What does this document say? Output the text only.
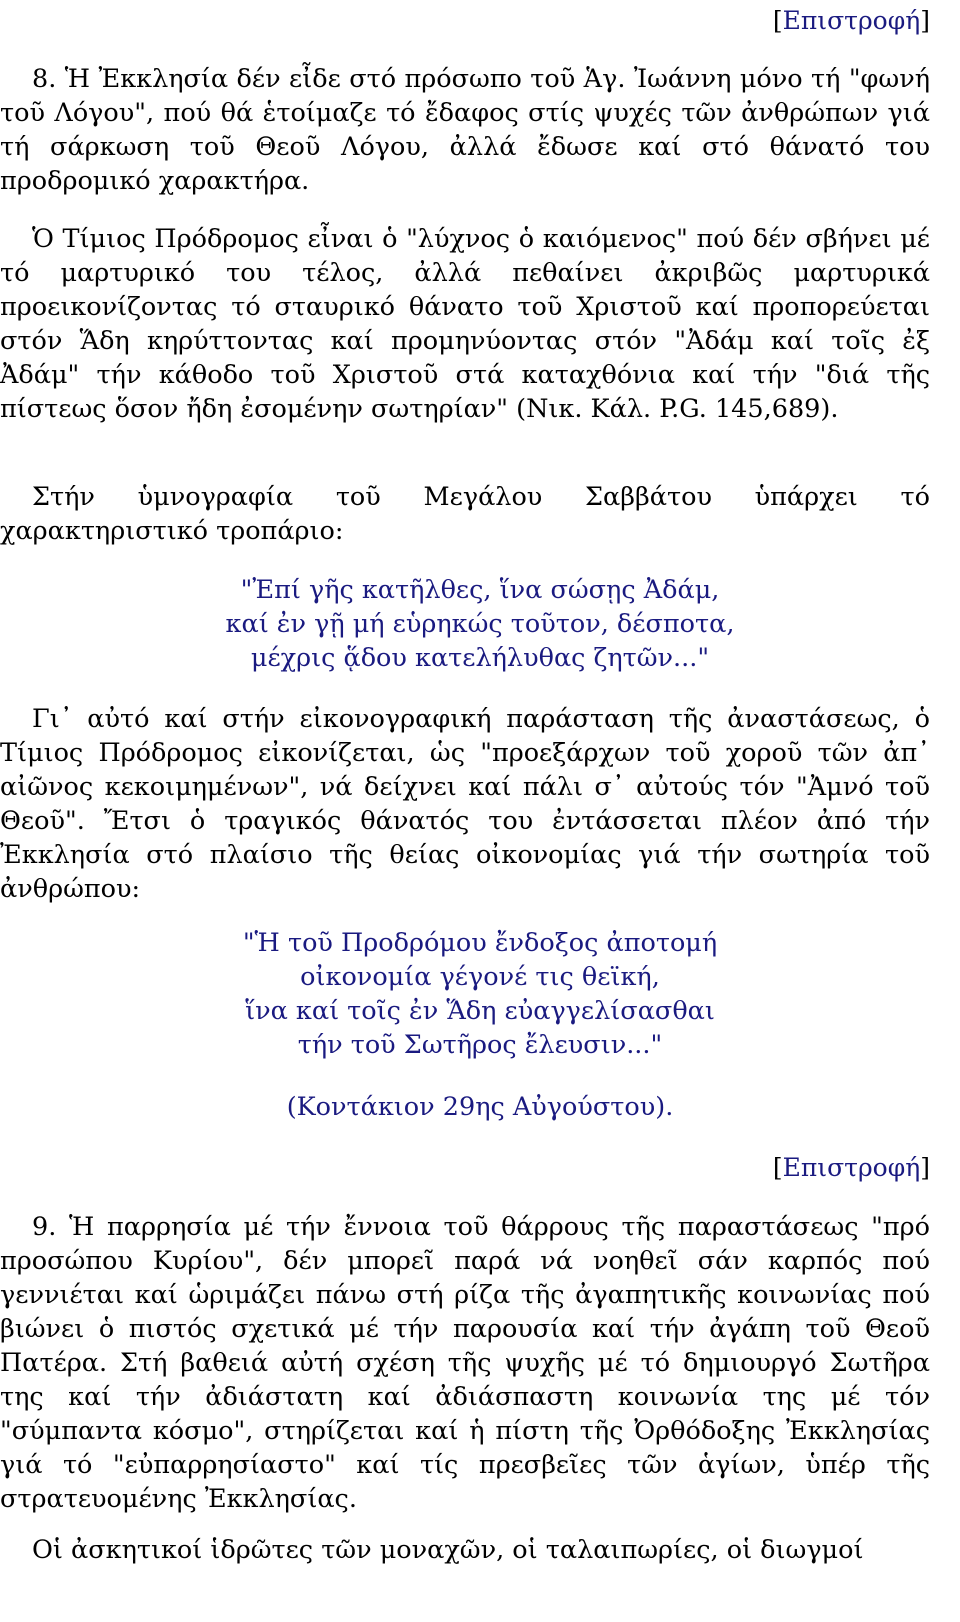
[Επιστροφή]

8. Ἡ Ἐκκλησία δέν εἶδε στό πρόσωπο τοῦ Ἁγ. Ἰωάννη μόνο τή "φωνή τοῦ Λόγου", πού θά ἑτοίμαζε τό ἔδαφος στίς ψυχές τῶν ἀνθρώπων γιά τή σάρκωση τοῦ Θεοῦ Λόγου, ἀλλά ἔδωσε καί στό θάνατό του προδρομικό χαρακτήρα.

Ὁ Τίμιος Πρόδρομος εἶναι ὁ "λύχνος ὁ καιόμενος" πού δέν σβήνει μέ τό μαρτυρικό του τέλος, ἀλλά πεθαίνει ἀκριβῶς μαρτυρικά προεικονίζοντας τό σταυρικό θάνατο τοῦ Χριστοῦ καί προπορεύεται στόν Ἅδη κηρύττοντας καί προμηνύοντας στόν "Ἀδάμ καί τοῖς ἐξ Ἀδάμ" τήν κάθοδο τοῦ Χριστοῦ στά καταχθόνια καί τήν "διά τῆς πίστεως ὅσον ἤδη ἐσομένην σωτηρίαν" (Νικ. Κάλ. P.G. 145,689).

Στήν ὑμνογραφία τοῦ Μεγάλου Σαββάτου ὑπάρχει τό χαρακτηριστικό τροπάριο:

"Ἐπί γῆς κατῆλθες, ἵνα σώσῃς Ἀδάμ,
καί ἐν γῇ μή εὑρηκώς τοῦτον, δέσποτα,
μέχρις ᾅδου κατελήλυθας ζητῶν..."

Γι᾽ αὐτό καί στήν εἰκονογραφική παράσταση τῆς ἀναστάσεως, ὁ Τίμιος Πρόδρομος εἰκονίζεται, ὡς "προεξάρχων τοῦ χοροῦ τῶν ἀπ᾽ αἰῶνος κεκοιμημένων", νά δείχνει καί πάλι σ᾽ αὐτούς τόν "Ἀμνό τοῦ Θεοῦ". Ἔτσι ὁ τραγικός θάνατός του ἐντάσσεται πλέον ἀπό τήν Ἐκκλησία στό πλαίσιο τῆς θείας οἰκονομίας γιά τήν σωτηρία τοῦ ἀνθρώπου:

"Ἡ τοῦ Προδρόμου ἔνδοξος ἀποτομή
οἰκονομία γέγονέ τις θεϊκή,
ἵνα καί τοῖς ἐν Ἅδη εὐαγγελίσασθαι
τήν τοῦ Σωτῆρος ἔλευσιν..."
(Κοντάκιον 29ης Αὐγούστου).
[Επιστροφή]

9. Ἡ παρρησία μέ τήν ἔννοια τοῦ θάρρους τῆς παραστάσεως "πρό προσώπου Κυρίου", δέν μπορεῖ παρά νά νοηθεῖ σάν καρπός πού γεννιέται καί ὡριμάζει πάνω στή ρίζα τῆς ἀγαπητικῆς κοινωνίας πού βιώνει ὁ πιστός σχετικά μέ τήν παρουσία καί τήν ἀγάπη τοῦ Θεοῦ Πατέρα. Στή βαθειά αὐτή σχέση τῆς ψυχῆς μέ τό δημιουργό Σωτῆρα της καί τήν ἀδιάστατη καί ἀδιάσπαστη κοινωνία της μέ τόν "σύμπαντα κόσμο", στηρίζεται καί ἡ πίστη τῆς Ὀρθόδοξης Ἐκκλησίας γιά τό "εὐπαρρησίαστο" καί τίς πρεσβεῖες τῶν ἁγίων, ὑπέρ τῆς στρατευομένης Ἐκκλησίας.

Οἱ ἀσκητικοί ἱδρῶτες τῶν μοναχῶν, οἱ ταλαιπωρίες, οἱ διωγμοί
